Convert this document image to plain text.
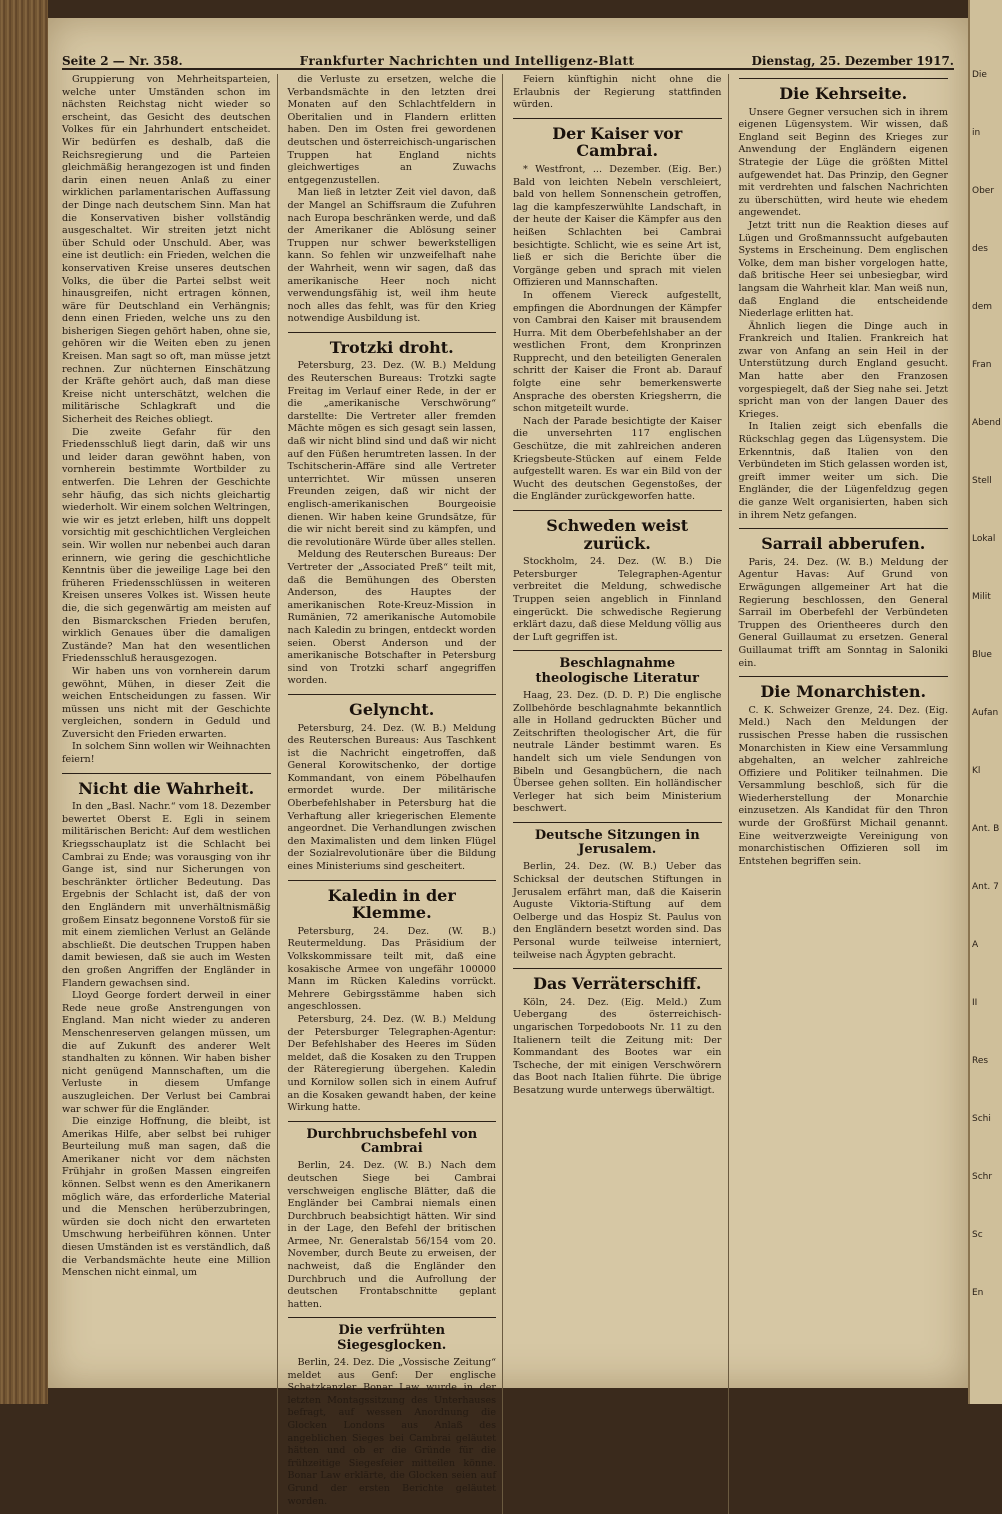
Seite 2 — Nr. 358.	Frankfurter Nachrichten und Intelligenz-Blatt	Dienstag, 25. Dezember 1917.

Gruppierung von Mehrheitsparteien, welche unter Umständen schon im nächsten Reichstag nicht wieder so erscheint, das Gesicht des deutschen Volkes für ein Jahrhundert entscheidet. Wir bedürfen es deshalb, daß die Reichsregierung und die Parteien gleichmäßig herangezogen ist und finden darin einen neuen Anlaß zu einer wirklichen parlamentarischen Auffassung der Dinge nach deutschem Sinn. Man hat die Konservativen bisher vollständig ausgeschaltet. Wir streiten jetzt nicht über Schuld oder Unschuld. Aber, was eine ist deutlich: ein Frieden, welchen die konservativen Kreise unseres deutschen Volks, die über die Partei selbst weit hinausgreifen, nicht ertragen können, wäre für Deutschland ein Verhängnis; denn einen Frieden, welche uns zu den bisherigen Siegen gehört haben, ohne sie, gehören wir die Weiten eben zu jenen Kreisen. Man sagt so oft, man müsse jetzt rechnen. Zur nüchternen Einschätzung der Kräfte gehört auch, daß man diese Kreise nicht unterschätzt, welchen die militärische Schlagkraft und die Sicherheit des Reiches obliegt.

Die zweite Gefahr für den Friedensschluß liegt darin, daß wir uns und leider daran gewöhnt haben, von vornherein bestimmte Wortbilder zu entwerfen. Die Lehren der Geschichte sehr häufig, das sich nichts gleichartig wiederholt. Wir einem solchen Weltringen, wie wir es jetzt erleben, hilft uns doppelt vorsichtig mit geschichtlichen Vergleichen sein. Wir wollen nur nebenbei auch daran erinnern, wie gering die geschichtliche Kenntnis über die jeweilige Lage bei den früheren Friedensschlüssen in weiteren Kreisen unseres Volkes ist. Wissen heute die, die sich gegenwärtig am meisten auf den Bismarckschen Frieden berufen, wirklich Genaues über die damaligen Zustände? Man hat den wesentlichen Friedensschluß herausgezogen.

Wir haben uns von vornherein darum gewöhnt, Mühen, in dieser Zeit die weichen Entscheidungen zu fassen. Wir müssen uns nicht mit der Geschichte vergleichen, sondern in Geduld und Zuversicht den Frieden erwarten.

In solchem Sinn wollen wir Weihnachten feiern!

Nicht die Wahrheit.

In den „Basl. Nachr.“ vom 18. Dezember bewertet Oberst E. Egli in seinem militärischen Bericht: Auf dem westlichen Kriegsschauplatz ist die Schlacht bei Cambrai zu Ende; was vorausging von ihr Gange ist, sind nur Sicherungen von beschränkter örtlicher Bedeutung. Das Ergebnis der Schlacht ist, daß der von den Engländern mit unverhältnismäßig großem Einsatz begonnene Vorstoß für sie mit einem ziemlichen Verlust an Gelände abschließt. Die deutschen Truppen haben damit bewiesen, daß sie auch im Westen den großen Angriffen der Engländer in Flandern gewachsen sind.

Lloyd George fordert derweil in einer Rede neue große Anstrengungen von England. Man nicht wieder zu anderen Menschenreserven gelangen müssen, um die auf Zukunft des anderer Welt standhalten zu können. Wir haben bisher nicht genügend Mannschaften, um die Verluste in diesem Umfange auszugleichen. Der Verlust bei Cambrai war schwer für die Engländer.

Die einzige Hoffnung, die bleibt, ist Amerikas Hilfe, aber selbst bei ruhiger Beurteilung muß man sagen, daß die Amerikaner nicht vor dem nächsten Frühjahr in großen Massen eingreifen können. Selbst wenn es den Amerikanern möglich wäre, das erforderliche Material und die Menschen herüberzubringen, würden sie doch nicht den erwarteten Umschwung herbeiführen können. Unter diesen Umständen ist es verständlich, daß die Verbandsmächte heute eine Million Menschen nicht einmal, um

die Verluste zu ersetzen, welche die Verbandsmächte in den letzten drei Monaten auf den Schlachtfeldern in Oberitalien und in Flandern erlitten haben. Den im Osten frei gewordenen deutschen und österreichisch-ungarischen Truppen hat England nichts gleichwertiges an Zuwachs entgegenzustellen.

Man ließ in letzter Zeit viel davon, daß der Mangel an Schiffsraum die Zufuhren nach Europa beschränken werde, und daß der Amerikaner die Ablösung seiner Truppen nur schwer bewerkstelligen kann. So fehlen wir unzweifelhaft nahe der Wahrheit, wenn wir sagen, daß das amerikanische Heer noch nicht verwendungsfähig ist, weil ihm heute noch alles das fehlt, was für den Krieg notwendige Ausbildung ist.

Trotzki droht.

Petersburg, 23. Dez. (W. B.) Meldung des Reuterschen Bureaus: Trotzki sagte Freitag im Verlauf einer Rede, in der er die „amerikanische Verschwörung“ darstellte: Die Vertreter aller fremden Mächte mögen es sich gesagt sein lassen, daß wir nicht blind sind und daß wir nicht auf den Füßen herumtreten lassen. In der Tschitscherin-Affäre sind alle Vertreter unterrichtet. Wir müssen unseren Freunden zeigen, daß wir nicht der englisch-amerikanischen Bourgeoisie dienen. Wir haben keine Grundsätze, für die wir nicht bereit sind zu kämpfen, und die revolutionäre Würde über alles stellen.

Meldung des Reuterschen Bureaus: Der Vertreter der „Associated Preß“ teilt mit, daß die Bemühungen des Obersten Anderson, des Hauptes der amerikanischen Rote-Kreuz-Mission in Rumänien, 72 amerikanische Automobile nach Kaledin zu bringen, entdeckt worden seien. Oberst Anderson und der amerikanische Botschafter in Petersburg sind von Trotzki scharf angegriffen worden.

Gelyncht.

Petersburg, 24. Dez. (W. B.) Meldung des Reuterschen Bureaus: Aus Taschkent ist die Nachricht eingetroffen, daß General Korowitschenko, der dortige Kommandant, von einem Pöbelhaufen ermordet wurde. Der militärische Oberbefehlshaber in Petersburg hat die Verhaftung aller kriegerischen Elemente angeordnet. Die Verhandlungen zwischen den Maximalisten und dem linken Flügel der Sozialrevolutionäre über die Bildung eines Ministeriums sind gescheitert.

Kaledin in der Klemme.

Petersburg, 24. Dez. (W. B.) Reutermeldung. Das Präsidium der Volkskommissare teilt mit, daß eine kosakische Armee von ungefähr 100000 Mann im Rücken Kaledins vorrückt. Mehrere Gebirgsstämme haben sich angeschlossen.

Petersburg, 24. Dez. (W. B.) Meldung der Petersburger Telegraphen-Agentur: Der Befehlshaber des Heeres im Süden meldet, daß die Kosaken zu den Truppen der Räteregierung übergehen. Kaledin und Kornilow sollen sich in einem Aufruf an die Kosaken gewandt haben, der keine Wirkung hatte.

Durchbruchsbefehl von Cambrai

Berlin, 24. Dez. (W. B.) Nach dem deutschen Siege bei Cambrai verschweigen englische Blätter, daß die Engländer bei Cambrai niemals einen Durchbruch beabsichtigt hätten. Wir sind in der Lage, den Befehl der britischen Armee, Nr. Generalstab 56/154 vom 20. November, durch Beute zu erweisen, der nachweist, daß die Engländer den Durchbruch und die Aufrollung der deutschen Frontabschnitte geplant hatten.

Die verfrühten Siegesglocken.

Berlin, 24. Dez. Die „Vossische Zeitung“ meldet aus Genf: Der englische Schatzkanzler Bonar Law wurde in der letzten Montagssitzung des Unterhauses befragt, auf wessen Anordnung die Glocken Londons aus Anlaß des angeblichen Sieges bei Cambrai geläutet hätten und ob er die Gründe für die frühzeitige Siegesfeier mitteilen könne. Bonar Law erklärte, die Glocken seien auf Grund der ersten Berichte geläutet worden.

Feiern künftighin nicht ohne die Erlaubnis der Regierung stattfinden würden.

Der Kaiser vor Cambrai.

* Westfront, ... Dezember. (Eig. Ber.) Bald von leichten Nebeln verschleiert, bald von hellem Sonnenschein getroffen, lag die kampfeszerwühlte Landschaft, in der heute der Kaiser die Kämpfer aus den heißen Schlachten bei Cambrai besichtigte. Schlicht, wie es seine Art ist, ließ er sich die Berichte über die Vorgänge geben und sprach mit vielen Offizieren und Mannschaften.

In offenem Viereck aufgestellt, empfingen die Abordnungen der Kämpfer von Cambrai den Kaiser mit brausendem Hurra. Mit dem Oberbefehlshaber an der westlichen Front, dem Kronprinzen Rupprecht, und den beteiligten Generalen schritt der Kaiser die Front ab. Darauf folgte eine sehr bemerkenswerte Ansprache des obersten Kriegsherrn, die schon mitgeteilt wurde.

Nach der Parade besichtigte der Kaiser die unversehrten 117 englischen Geschütze, die mit zahlreichen anderen Kriegsbeute-Stücken auf einem Felde aufgestellt waren. Es war ein Bild von der Wucht des deutschen Gegenstoßes, der die Engländer zurückgeworfen hatte.

Schweden weist zurück.

Stockholm, 24. Dez. (W. B.) Die Petersburger Telegraphen-Agentur verbreitet die Meldung, schwedische Truppen seien angeblich in Finnland eingerückt. Die schwedische Regierung erklärt dazu, daß diese Meldung völlig aus der Luft gegriffen ist.

Beschlagnahme theologische Literatur

Haag, 23. Dez. (D. D. P.) Die englische Zollbehörde beschlagnahmte bekanntlich alle in Holland gedruckten Bücher und Zeitschriften theologischer Art, die für neutrale Länder bestimmt waren. Es handelt sich um viele Sendungen von Bibeln und Gesangbüchern, die nach Übersee gehen sollten. Ein holländischer Verleger hat sich beim Ministerium beschwert.

Deutsche Sitzungen in Jerusalem.

Berlin, 24. Dez. (W. B.) Ueber das Schicksal der deutschen Stiftungen in Jerusalem erfährt man, daß die Kaiserin Auguste Viktoria-Stiftung auf dem Oelberge und das Hospiz St. Paulus von den Engländern besetzt worden sind. Das Personal wurde teilweise interniert, teilweise nach Ägypten gebracht.

Das Verräterschiff.

Köln, 24. Dez. (Eig. Meld.) Zum Uebergang des österreichisch-ungarischen Torpedoboots Nr. 11 zu den Italienern teilt die Zeitung mit: Der Kommandant des Bootes war ein Tscheche, der mit einigen Verschwörern das Boot nach Italien führte. Die übrige Besatzung wurde unterwegs überwältigt.

Die Kehrseite.

Unsere Gegner versuchen sich in ihrem eigenen Lügensystem. Wir wissen, daß England seit Beginn des Krieges zur Anwendung der Engländern eigenen Strategie der Lüge die größten Mittel aufgewendet hat. Das Prinzip, den Gegner mit verdrehten und falschen Nachrichten zu überschütten, wird heute wie ehedem angewendet.

Jetzt tritt nun die Reaktion dieses auf Lügen und Großmannssucht aufgebauten Systems in Erscheinung. Dem englischen Volke, dem man bisher vorgelogen hatte, daß britische Heer sei unbesiegbar, wird langsam die Wahrheit klar. Man weiß nun, daß England die entscheidende Niederlage erlitten hat.

Ähnlich liegen die Dinge auch in Frankreich und Italien. Frankreich hat zwar von Anfang an sein Heil in der Unterstützung durch England gesucht. Man hatte aber den Franzosen vorgespiegelt, daß der Sieg nahe sei. Jetzt spricht man von der langen Dauer des Krieges.

In Italien zeigt sich ebenfalls die Rückschlag gegen das Lügensystem. Die Erkenntnis, daß Italien von den Verbündeten im Stich gelassen worden ist, greift immer weiter um sich. Die Engländer, die der Lügenfeldzug gegen die ganze Welt organisierten, haben sich in ihrem Netz gefangen.

Sarrail abberufen.

Paris, 24. Dez. (W. B.) Meldung der Agentur Havas: Auf Grund von Erwägungen allgemeiner Art hat die Regierung beschlossen, den General Sarrail im Oberbefehl der Verbündeten Truppen des Orientheeres durch den General Guillaumat zu ersetzen. General Guillaumat trifft am Sonntag in Saloniki ein.

Die Monarchisten.

C. K. Schweizer Grenze, 24. Dez. (Eig. Meld.) Nach den Meldungen der russischen Presse haben die russischen Monarchisten in Kiew eine Versammlung abgehalten, an welcher zahlreiche Offiziere und Politiker teilnahmen. Die Versammlung beschloß, sich für die Wiederherstellung der Monarchie einzusetzen. Als Kandidat für den Thron wurde der Großfürst Michail genannt. Eine weitverzweigte Vereinigung von monarchistischen Offizieren soll im Entstehen begriffen sein.

Die
in
Ober
des
dem
Fran
Abend
Stell
Lokal
Milit
Blue
Aufan
Kl
Ant. B
Ant. 7
A
II
Res
Schi
Schr
Sc
En
